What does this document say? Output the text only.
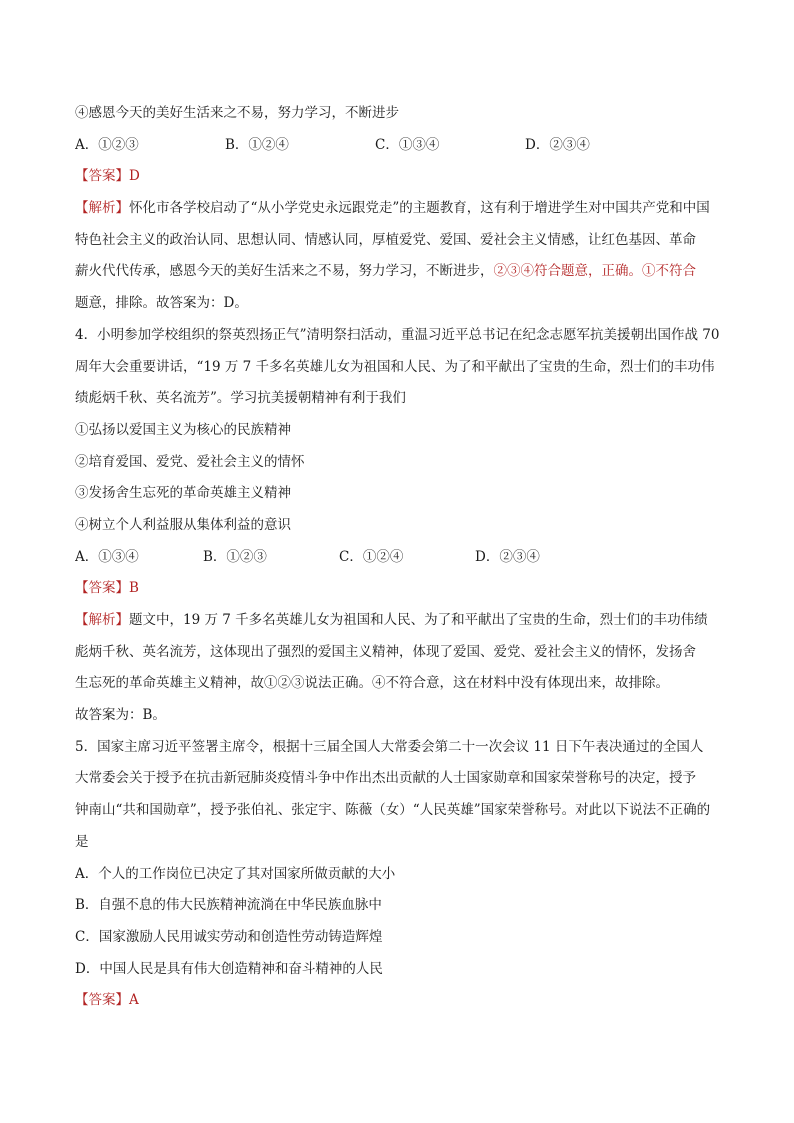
④感恩今天的美好生活来之不易，努力学习，不断进步
A．①②③	B．①②④	C．①③④	D．②③④
【答案】D
【解析】怀化市各学校启动了“从小学党史永远跟党走”的主题教育，这有利于增进学生对中国共产党和中国
特色社会主义的政治认同、思想认同、情感认同，厚植爱党、爱国、爱社会主义情感，让红色基因、革命
薪火代代传承，感恩今天的美好生活来之不易，努力学习，不断进步，②③④符合题意，正确。①不符合
题意，排除。故答案为：D。
4．小明参加学校组织的祭英烈扬正气”清明祭扫活动，重温习近平总书记在纪念志愿军抗美援朝出国作战 70
周年大会重要讲话，“19 万 7 千多名英雄儿女为祖国和人民、为了和平献出了宝贵的生命，烈士们的丰功伟
绩彪炳千秋、英名流芳”。学习抗美援朝精神有利于我们
①弘扬以爱国主义为核心的民族精神
②培育爱国、爱党、爱社会主义的情怀
③发扬舍生忘死的革命英雄主义精神
④树立个人利益服从集体利益的意识
A．①③④	B．①②③	C．①②④	D．②③④
【答案】B
【解析】题文中，19 万 7 千多名英雄儿女为祖国和人民、为了和平献出了宝贵的生命，烈士们的丰功伟绩
彪炳千秋、英名流芳，这体现出了强烈的爱国主义精神，体现了爱国、爱党、爱社会主义的情怀，发扬舍
生忘死的革命英雄主义精神，故①②③说法正确。④不符合意，这在材料中没有体现出来，故排除。
故答案为：B。
5．国家主席习近平签署主席令，根据十三届全国人大常委会第二十一次会议 11 日下午表决通过的全国人
大常委会关于授予在抗击新冠肺炎疫情斗争中作出杰出贡献的人士国家勋章和国家荣誉称号的决定，授予
钟南山“共和国勋章”，授予张伯礼、张定宇、陈薇（女）“人民英雄”国家荣誉称号。对此以下说法不正确的
是
A．个人的工作岗位已决定了其对国家所做贡献的大小
B．自强不息的伟大民族精神流淌在中华民族血脉中
C．国家激励人民用诚实劳动和创造性劳动铸造辉煌
D．中国人民是具有伟大创造精神和奋斗精神的人民
【答案】A
